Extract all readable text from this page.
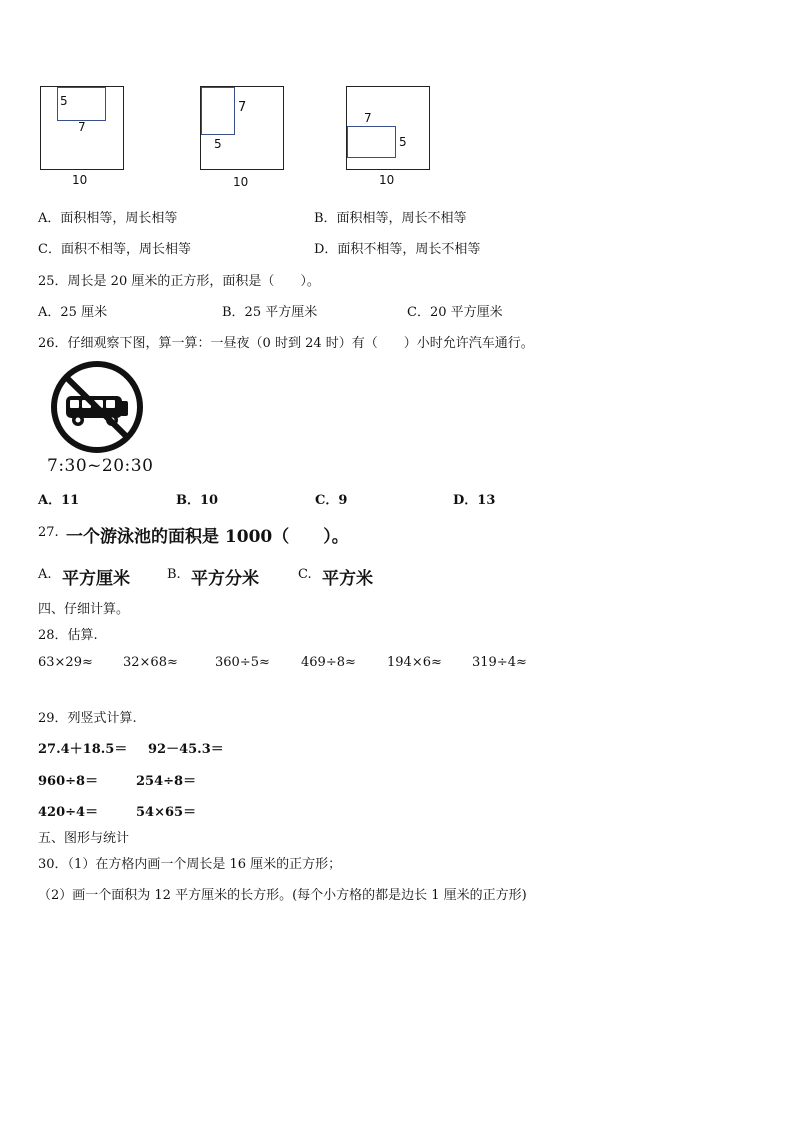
5
7
10
7
5
10
7
5
10
A．面积相等，周长相等	B．面积相等，周长不相等
C．面积不相等，周长相等	D．面积不相等，周长不相等
25．周长是 20 厘米的正方形，面积是（　　）。
A．25 厘米	B．25 平方厘米	C．20 平方厘米
26．仔细观察下图，算一算：一昼夜（0 时到 24 时）有（　　）小时允许汽车通行。
7:30~20:30
A．11	B．10	C．9	D．13
27. 一个游泳池的面积是 1000（　　）。
A. 平方厘米	B. 平方分米	C. 平方米
四、仔细计算。
28．估算.
63×29≈ 32×68≈	360÷5≈ 469÷8≈ 194×6≈ 319÷4≈
29．列竖式计算.
27.4＋18.5＝ 92－45.3＝
960÷8＝	254÷8＝
420÷4＝	54×65＝
五、图形与统计
30．（1）在方格内画一个周长是 16 厘米的正方形；
（2）画一个面积为 12 平方厘米的长方形。(每个小方格的都是边长 1 厘米的正方形)
